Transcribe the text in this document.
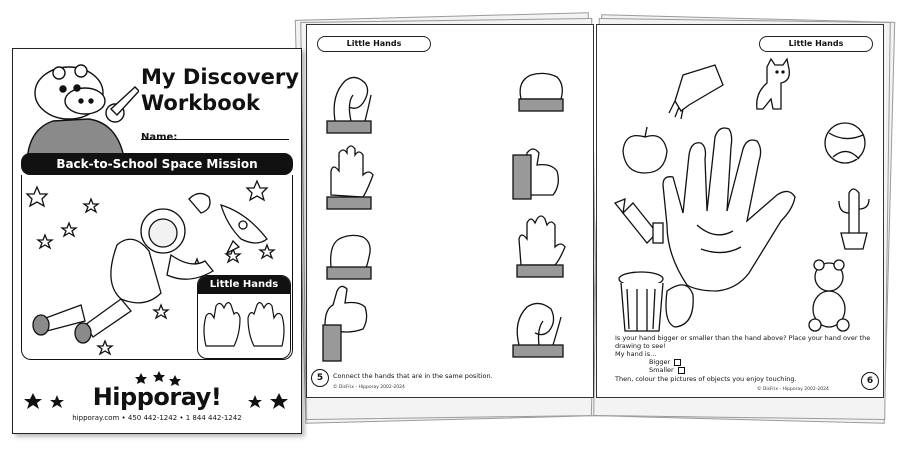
Little Hands
5	Connect the hands that are in the same position.
© DisFrix - Hipporay 2002-2024
Little Hands
Is your hand bigger or smaller than the hand above? Place your hand over the
drawing to see!
My hand is...
Bigger
Smaller
Then, colour the pictures of objects you enjoy touching.
© DisFrix - Hipporay 2002-2024
6
My Discovery
Workbook
Name:
Back-to-School Space Mission
Little Hands
Hipporay!
hipporay.com • 450 442-1242 • 1 844 442-1242
